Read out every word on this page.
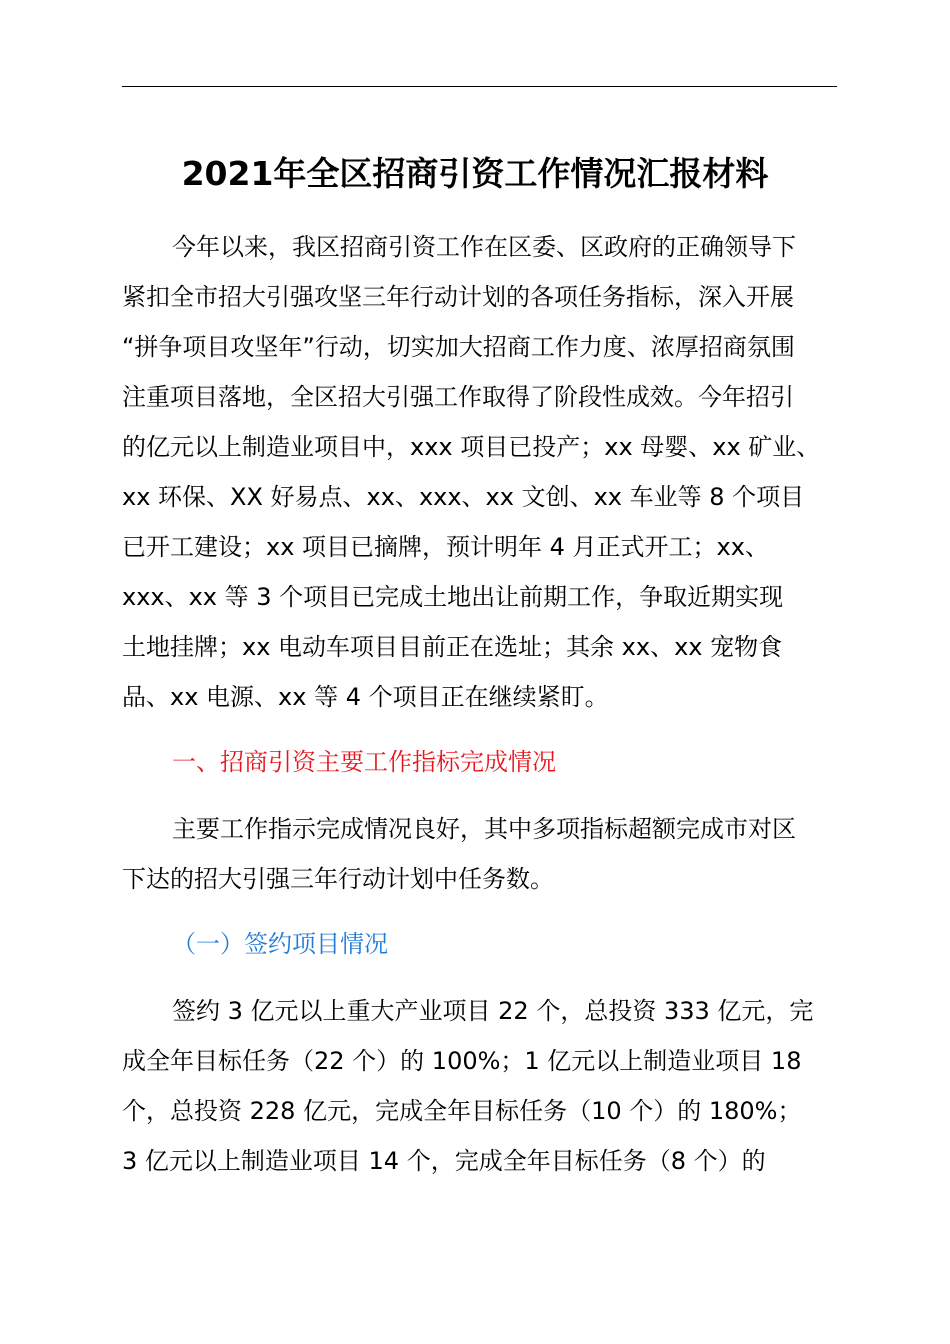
2021年全区招商引资工作情况汇报材料
今年以来，我区招商引资工作在区委、区政府的正确领导下
紧扣全市招大引强攻坚三年行动计划的各项任务指标，深入开展
“拼争项目攻坚年”行动，切实加大招商工作力度、浓厚招商氛围
注重项目落地，全区招大引强工作取得了阶段性成效。今年招引
的亿元以上制造业项目中，xxx 项目已投产；xx 母婴、xx 矿业、
xx 环保、XX 好易点、xx、xxx、xx 文创、xx 车业等 8 个项目
已开工建设；xx 项目已摘牌，预计明年 4 月正式开工；xx、
xxx、xx 等 3 个项目已完成土地出让前期工作，争取近期实现
土地挂牌；xx 电动车项目目前正在选址；其余 xx、xx 宠物食
品、xx 电源、xx 等 4 个项目正在继续紧盯。
一、招商引资主要工作指标完成情况
主要工作指示完成情况良好，其中多项指标超额完成市对区
下达的招大引强三年行动计划中任务数。
（一）签约项目情况
签约 3 亿元以上重大产业项目 22 个，总投资 333 亿元，完
成全年目标任务（22 个）的 100%；1 亿元以上制造业项目 18
个，总投资 228 亿元，完成全年目标任务（10 个）的 180%；
3 亿元以上制造业项目 14 个，完成全年目标任务（8 个）的
